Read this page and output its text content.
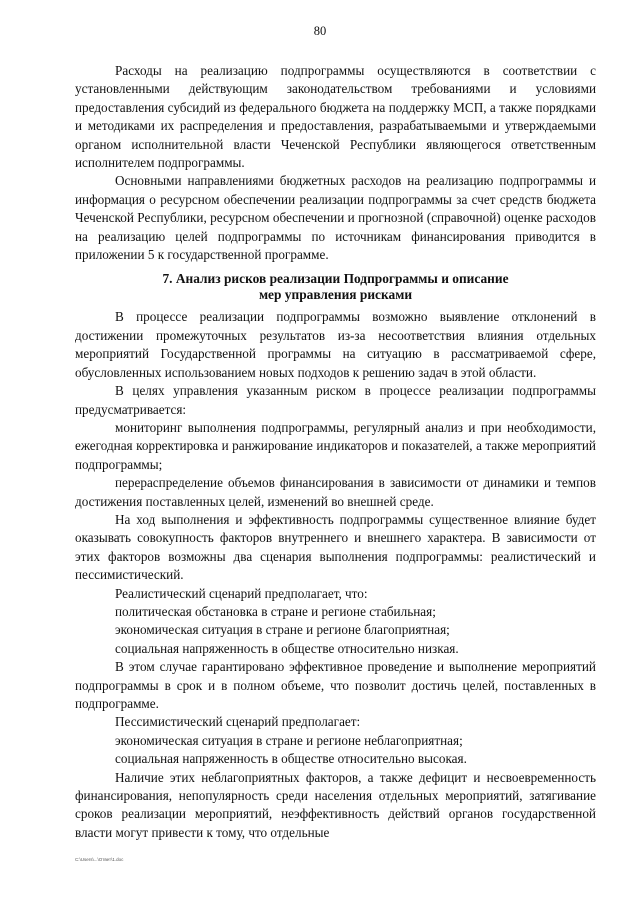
80

Расходы на реализацию подпрограммы осуществляются в соответствии с установленными действующим законодательством требованиями и условиями предоставления субсидий из федерального бюджета на поддержку МСП, а также порядками и методиками их распределения и предоставления, разрабатываемыми и утверждаемыми органом исполнительной власти Чеченской Республики являющегося ответственным исполнителем подпрограммы.

Основными направлениями бюджетных расходов на реализацию подпрограммы и информация о ресурсном обеспечении реализации подпрограммы за счет средств бюджета Чеченской Республики, ресурсном обеспечении и прогнозной (справочной) оценке расходов на реализацию целей подпрограммы по источникам финансирования приводится в приложении 5 к государственной программе.

7. Анализ рисков реализации Подпрограммы и описание
мер управления рисками

В процессе реализации подпрограммы возможно выявление отклонений в достижении промежуточных результатов из-за несоответствия влияния отдельных мероприятий Государственной программы на ситуацию в рассматриваемой сфере, обусловленных использованием новых подходов к решению задач в этой области.

В целях управления указанным риском в процессе реализации подпрограммы предусматривается:

мониторинг выполнения подпрограммы, регулярный анализ и при необходимости, ежегодная корректировка и ранжирование индикаторов и показателей, а также мероприятий подпрограммы;

перераспределение объемов финансирования в зависимости от динамики и темпов достижения поставленных целей, изменений во внешней среде.

На ход выполнения и эффективность подпрограммы существенное влияние будет оказывать совокупность факторов внутреннего и внешнего характера. В зависимости от этих факторов возможны два сценария выполнения подпрограммы: реалистический и пессимистический.

Реалистический сценарий предполагает, что:

политическая обстановка в стране и регионе стабильная;

экономическая ситуация в стране и регионе благоприятная;

социальная напряженность в обществе относительно низкая.

В этом случае гарантировано эффективное проведение и выполнение мероприятий подпрограммы в срок и в полном объеме, что позволит достичь целей, поставленных в подпрограмме.

Пессимистический сценарий предполагает:

экономическая ситуация в стране и регионе неблагоприятная;

социальная напряженность в обществе относительно высокая.

Наличие этих неблагоприятных факторов, а также дефицит и несвоевременность финансирования, непопулярность среди населения отдельных мероприятий, затягивание сроков реализации мероприятий, неэффективность действий органов государственной власти могут привести к тому, что отдельные

C:\Users\...\Ответ\1.doc
